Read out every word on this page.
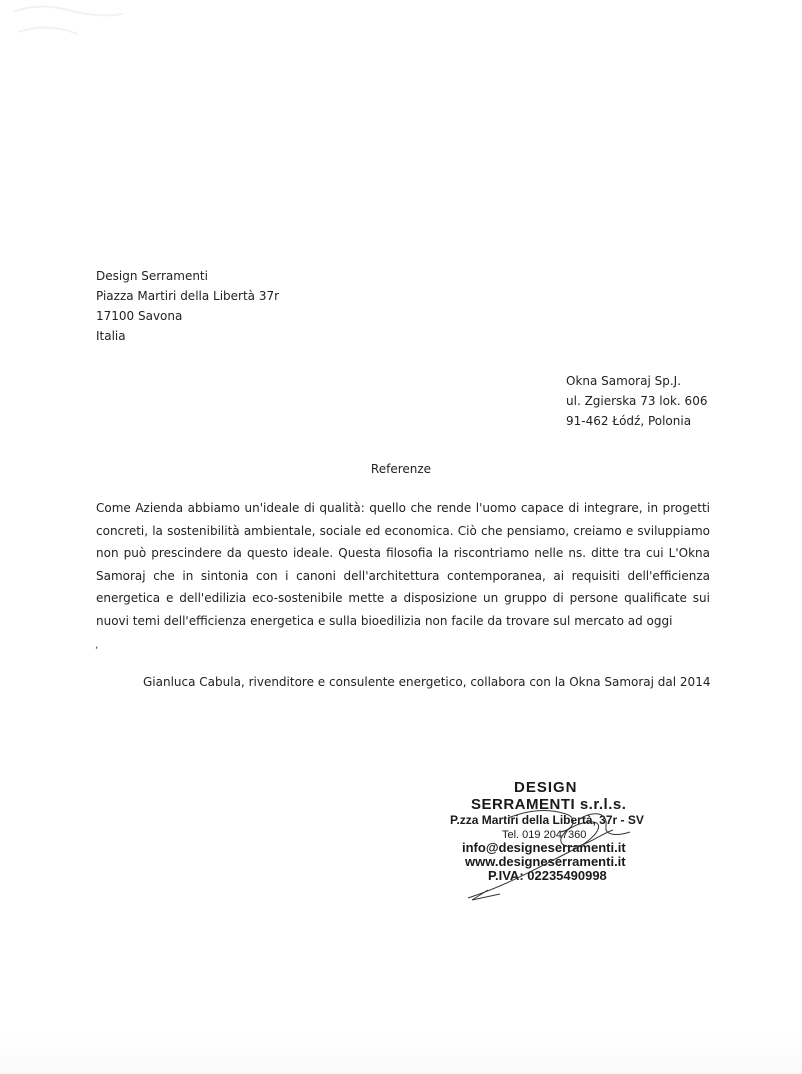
Design Serramenti
Piazza Martiri della Libertà 37r
17100 Savona
Italia
Okna Samoraj Sp.J.
ul. Zgierska 73 lok. 606
91-462 Łódź, Polonia
Referenze
Come Azienda abbiamo un'ideale di qualità: quello che rende l'uomo capace di integrare, in progetti
concreti, la sostenibilità ambientale, sociale ed economica. Ciò che pensiamo, creiamo e sviluppiamo
non può prescindere da questo ideale. Questa filosofia la riscontriamo nelle ns. ditte tra cui L'Okna
Samoraj che in sintonia con i canoni dell'architettura contemporanea, ai requisiti dell'efficienza
energetica e dell'edilizia eco-sostenibile mette a disposizione un gruppo di persone qualificate sui
nuovi temi dell'efficienza energetica e sulla bioedilizia non facile da trovare sul mercato ad oggi
,
Gianluca Cabula, rivenditore e consulente energetico, collabora con la Okna Samoraj dal 2014
DESIGN
SERRAMENTI s.r.l.s.
P.zza Martiri della Libertà, 37r - SV
Tel. 019 2047360
info@designeserramenti.it
www.designeserramenti.it
P.IVA: 02235490998
